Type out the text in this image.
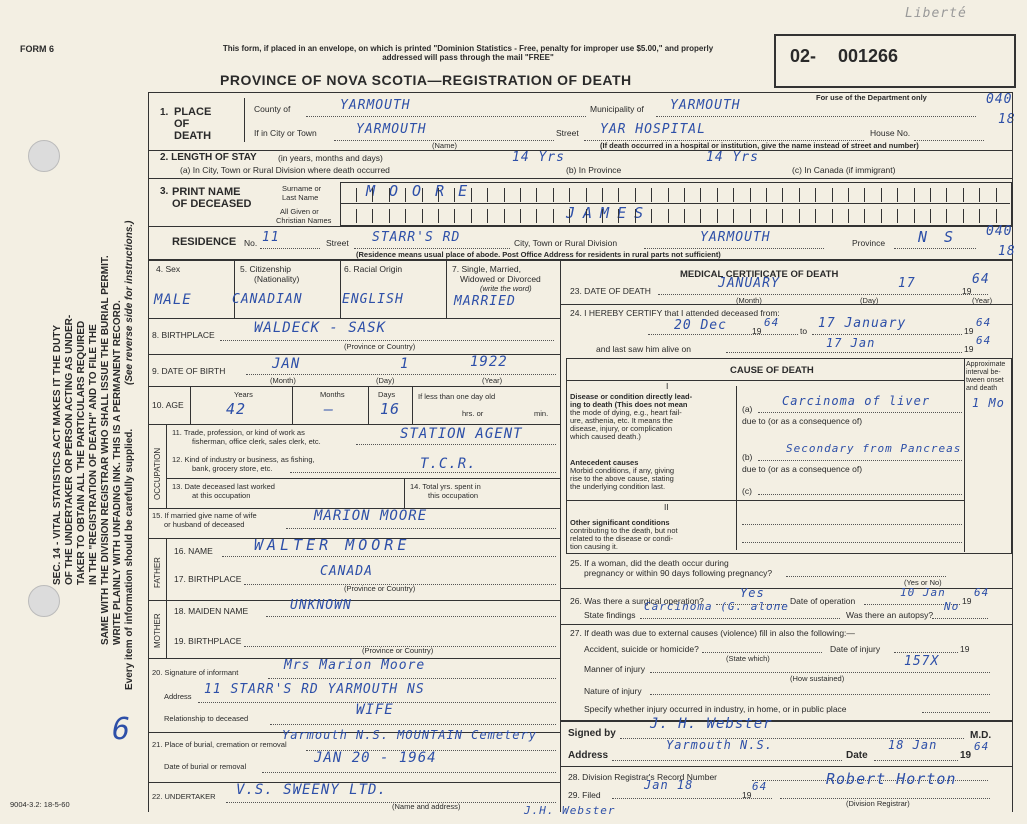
FORM 6
Liberté
This form, if placed in an envelope, on which is printed "Dominion Statistics - Free, penalty for improper use $5.00," and properly addressed will pass through the mail "FREE"
PROVINCE OF NOVA SCOTIA—REGISTRATION OF DEATH
02- 001266
For use of the Department only	040
18
SEC. 14 - VITAL STATISTICS ACT MAKES IT THE DUTY OF THE UNDERTAKER OR PERSON ACTING AS UNDER- TAKER TO OBTAIN ALL THE PARTICULARS REQUIRED IN THE "REGISTRATION OF DEATH" AND TO FILE THE SAME WITH THE DIVISION REGISTRAR WHO SHALL ISSUE THE BURIAL PERMIT. WRITE PLAINLY WITH UNFADING INK. THIS IS A PERMANENT RECORD. (See reverse side for instructions.)
Every item of information should be carefully supplied.
6
9004-3.2: 18-5-60
1. PLACE
OF
DEATH
County of	YARMOUTH	Municipality of YARMOUTH
If in City or Town	YARMOUTH
(Name)
Street YAR HOSPITAL	House No.
(If death occurred in a hospital or institution, give the name instead of street and number)
2. LENGTH OF STAY	(in years, months and days)
(a) In City, Town or Rural Division where death occurred
14 Yrs
(b) In Province
14 Yrs
(c) In Canada (if immigrant)
3. PRINT NAME
OF DECEASED
Surname or
Last Name
All Given or
Christian Names
MOORE
JAMES
RESIDENCE No. 11	Street STARR'S RD	City, Town or Rural Division	YARMOUTH	Province N S 040
18
(Residence means usual place of abode. Post Office Address for residents in rural parts not sufficient)
4. Sex
MALE
5. Citizenship
(Nationality)
CANADIAN
6. Racial Origin
ENGLISH
7. Single, Married,
Widowed or Divorced
(write the word)
MARRIED
8. BIRTHPLACE	WALDECK - SASK
(Province or Country)
9. DATE OF BIRTH	JAN	1	1922
(Month)	(Day)	(Year)
10. AGE
Years
42
Months
—
Days
16
If less than one day old
hrs. or	min.
OCCUPATION
11. Trade, profession, or kind of work as
fisherman, office clerk, sales clerk, etc.	STATION AGENT
12. Kind of industry or business, as fishing,
bank, grocery store, etc.	T.C.R.
13. Date deceased last worked
at this occupation
14. Total yrs. spent in
this occupation
15. If married give name of wife
or husband of deceased
MARION MOORE
FATHER
16. NAME	WALTER MOORE
17. BIRTHPLACE	CANADA
(Province or Country)
MOTHER
18. MAIDEN NAME	UNKNOWN
19. BIRTHPLACE
(Province or Country)
20. Signature of informant	Mrs Marion Moore
Address 11 STARR'S RD YARMOUTH NS
Relationship to deceased
WIFE
21. Place of burial, cremation or removal
Yarmouth N.S. MOUNTAIN Cemetery
Date of burial or removal
JAN 20 - 1964
22. UNDERTAKER V.S. SWEENY LTD.
(Name and address)	J.H. Webster
MEDICAL CERTIFICATE OF DEATH
23. DATE OF DEATH	JANUARY	17	19
64
(Month)	(Day)	(Year)
24. I HEREBY CERTIFY that I attended deceased from:
20 Dec	19
64
to 17 January	19
64
and last saw him alive on	17 Jan	19
64
CAUSE OF DEATH
Approximate
interval be-
tween onset
and death
I
Disease or condition directly lead-
ing to death (This does not mean
the mode of dying, e.g., heart fail-
ure, asthenia, etc. It means the
disease, injury, or complication
which caused death.)
(a)
Carcinoma of liver	1 Mo
due to (or as a consequence of)
Antecedent causes
Morbid conditions, if any, giving
rise to the above cause, stating
the underlying condition last.
(b)
Secondary from Pancreas
due to (or as a consequence of)
(c)
II
Other significant conditions
contributing to the death, but not
related to the disease or condi-
tion causing it.
25. If a woman, did the death occur during
pregnancy or within 90 days following pregnancy?
(Yes or No)
26. Was there a surgical operation?
Yes
Date of operation
10 Jan
19
64
State findings
Carcinoma (G. alone
Was there an autopsy?
No
27. If death was due to external causes (violence) fill in also the following:—
Accident, suicide or homicide?
(State which)
Date of injury	19
Manner of injury	157X
(How sustained)
Nature of injury
Specify whether injury occurred in industry, in home, or in public place
Signed by
J. H. Webster
M.D.
Address
Yarmouth N.S.
Date
18 Jan
19
64
28. Division Registrar's Record Number
29. Filed
Jan 18
19
64	Robert Horton
(Division Registrar)
